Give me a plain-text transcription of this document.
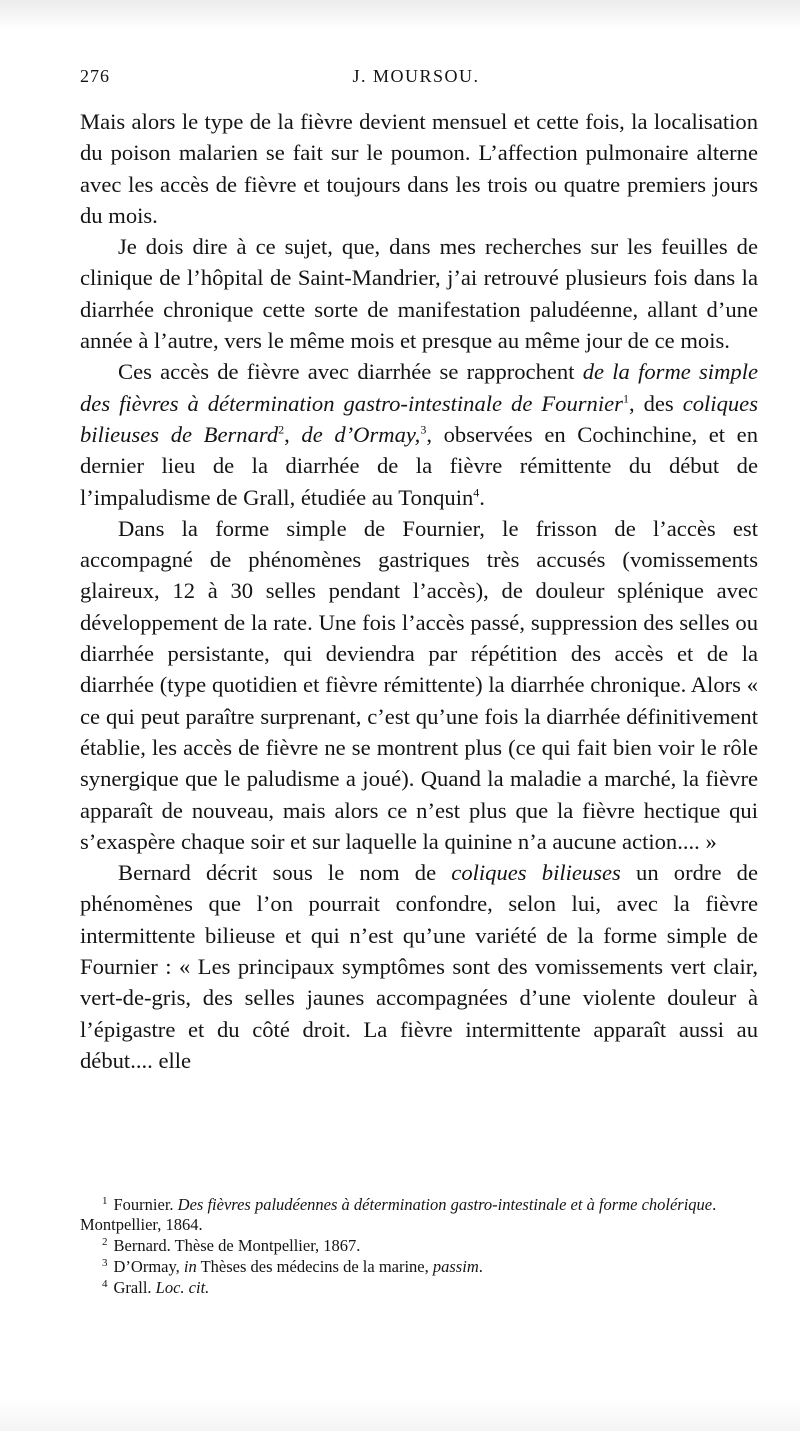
276	J. MOURSOU.

Mais alors le type de la fièvre devient mensuel et cette fois, la localisation du poison malarien se fait sur le poumon. L’affection pulmonaire alterne avec les accès de fièvre et toujours dans les trois ou quatre premiers jours du mois.

Je dois dire à ce sujet, que, dans mes recherches sur les feuilles de clinique de l’hôpital de Saint-Mandrier, j’ai retrouvé plusieurs fois dans la diarrhée chronique cette sorte de manifestation paludéenne, allant d’une année à l’autre, vers le même mois et presque au même jour de ce mois.

Ces accès de fièvre avec diarrhée se rapprochent de la forme simple des fièvres à détermination gastro-intestinale de Fournier$^1$, des coliques bilieuses de Bernard$^2$, de d’Ormay,$^3$, observées en Cochinchine, et en dernier lieu de la diarrhée de la fièvre rémittente du début de l’impaludisme de Grall, étudiée au Tonquin$^4$.

Dans la forme simple de Fournier, le frisson de l’accès est accompagné de phénomènes gastriques très accusés (vomissements glaireux, 12 à 30 selles pendant l’accès), de douleur splénique avec développement de la rate. Une fois l’accès passé, suppression des selles ou diarrhée persistante, qui deviendra par répétition des accès et de la diarrhée (type quotidien et fièvre rémittente) la diarrhée chronique. Alors « ce qui peut paraître surprenant, c’est qu’une fois la diarrhée définitivement établie, les accès de fièvre ne se montrent plus (ce qui fait bien voir le rôle synergique que le paludisme a joué). Quand la maladie a marché, la fièvre apparaît de nouveau, mais alors ce n’est plus que la fièvre hectique qui s’exaspère chaque soir et sur laquelle la quinine n’a aucune action.... »

Bernard décrit sous le nom de coliques bilieuses un ordre de phénomènes que l’on pourrait confondre, selon lui, avec la fièvre intermittente bilieuse et qui n’est qu’une variété de la forme simple de Fournier : « Les principaux symptômes sont des vomissements vert clair, vert-de-gris, des selles jaunes accompagnées d’une violente douleur à l’épigastre et du côté droit. La fièvre intermittente apparaît aussi au début.... elle

$^1$ Fournier. Des fièvres paludéennes à détermination gastro-intestinale et à forme cholérique. Montpellier, 1864.

$^2$ Bernard. Thèse de Montpellier, 1867.

$^3$ D’Ormay, in Thèses des médecins de la marine, passim.

$^4$ Grall. Loc. cit.
